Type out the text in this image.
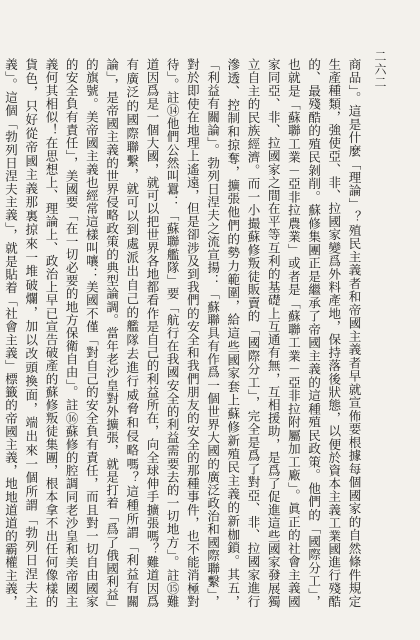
二六二

商品」。這是什麼「理論」？殖民主義者和帝國主義者早就宣佈要根據每個國家的自然條件規定生產種類，強使亞、非、拉國家變爲外料產地，保持落後狀態，以便於資本主義工業國進行殘酷的、最殘酷的殖民剝削。蘇修集團正是繼承了帝國主義的這種殖民政策。他們的「國際分工」，也就是「蘇聯工業－亞非拉農業」或者是「蘇聯工業－亞非拉附屬加工廠」。眞正的社會主義國家同亞、非、拉國家之間在平等互利的基礎上互通有無，互相援助，是爲了促進這些國家發展獨立自主的民族經濟。而一小撮蘇修叛徒販賣的「國際分工」，完全是爲了對亞、非、拉國家進行滲透、控制和掠奪，擴張他們的勢力範圍，給這些國家套上蘇修新殖民主義的新枷鎖。其五，「利益有關論」。勃列日涅夫之流宣揚：「蘇聯具有作爲一個世界大國的廣泛政治和國際聯繫」，對於即使在地理上遙遠，但是卻涉及到我們的安全和我們朋友的安全的那種事件，也不能消極對待」。註⑭他們公然叫囂：「蘇聯艦隊」要「航行在我國安全的利益需要去的一切地方」。註⑮難道因爲是一個大國，就可以把世界各地都看作是自己的利益所在，向全球伸手擴張嗎？難道因爲有廣泛的國際聯繫，就可以到處派出自己的艦隊去進行威脅和侵略嗎？這種所謂「利益有關論」，是帝國主義的世界侵略政策的典型論調。當年老沙皇對外擴張，就是打着「爲了俄國利益」的旗號。美帝國主義也經常這樣叫嚷：美國不僅「對自己的安全負有責任，而且對一切自由國家的安全負有責任」，美國要「在一切必要的地方保衛自由」。註⑯蘇修的腔調同老沙皇和美帝國主義何其相似！在思想上、理論上、政治上早已宣告破產的蘇修叛徒集團，根本拿不出任何像樣的貨色，只好從帝國主義那裏掠來一堆破爛，加以改頭換面，端出來一個所謂「勃列日涅夫主義」。這個「勃列日涅夫主義」，就是貼着「社會主義」標籤的帝國主義，地地道道的霸權主義，
